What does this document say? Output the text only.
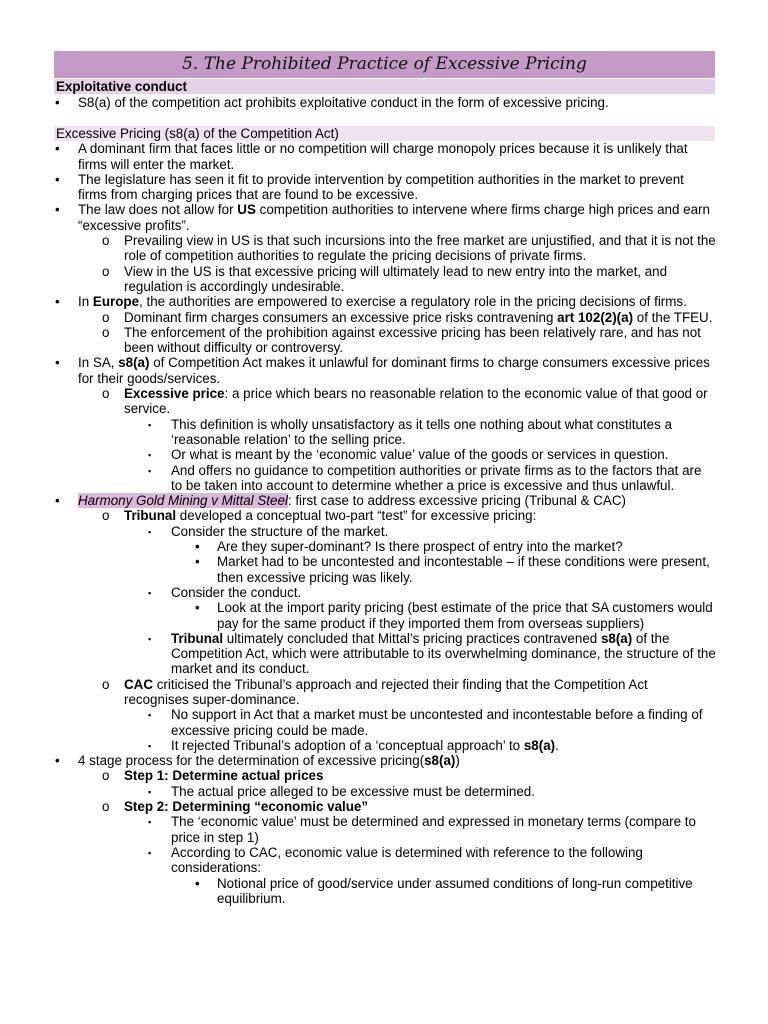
5. The Prohibited Practice of Excessive Pricing
Exploitative conduct
Excessive Pricing (s8(a) of the Competition Act)
• S8(a) of the competition act prohibits exploitative conduct in the form of excessive pricing.
• A dominant firm that faces little or no competition will charge monopoly prices because it is unlikely that firms will enter the market.
• The legislature has seen it fit to provide intervention by competition authorities in the market to prevent firms from charging prices that are found to be excessive.
• The law does not allow for US competition authorities to intervene where firms charge high prices and earn “excessive profits”.
o Prevailing view in US is that such incursions into the free market are unjustified, and that it is not the role of competition authorities to regulate the pricing decisions of private firms.
o View in the US is that excessive pricing will ultimately lead to new entry into the market, and regulation is accordingly undesirable.
• In Europe, the authorities are empowered to exercise a regulatory role in the pricing decisions of firms.
o Dominant firm charges consumers an excessive price risks contravening art 102(2)(a) of the TFEU.
o The enforcement of the prohibition against excessive pricing has been relatively rare, and has not been without difficulty or controversy.
• In SA, s8(a) of Competition Act makes it unlawful for dominant firms to charge consumers excessive prices for their goods/services.
o Excessive price: a price which bears no reasonable relation to the economic value of that good or service.
▪ This definition is wholly unsatisfactory as it tells one nothing about what constitutes a ‘reasonable relation’ to the selling price.
▪ Or what is meant by the ‘economic value’ value of the goods or services in question.
▪ And offers no guidance to competition authorities or private firms as to the factors that are to be taken into account to determine whether a price is excessive and thus unlawful.
• Harmony Gold Mining v Mittal Steel: first case to address excessive pricing (Tribunal & CAC)
o Tribunal developed a conceptual two-part “test” for excessive pricing:
▪ Consider the structure of the market.
• Are they super-dominant? Is there prospect of entry into the market?
• Market had to be uncontested and incontestable – if these conditions were present, then excessive pricing was likely.
▪ Consider the conduct.
• Look at the import parity pricing (best estimate of the price that SA customers would pay for the same product if they imported them from overseas suppliers)
▪ Tribunal ultimately concluded that Mittal’s pricing practices contravened s8(a) of the Competition Act, which were attributable to its overwhelming dominance, the structure of the market and its conduct.
o CAC criticised the Tribunal’s approach and rejected their finding that the Competition Act recognises super-dominance.
▪ No support in Act that a market must be uncontested and incontestable before a finding of excessive pricing could be made.
▪ It rejected Tribunal’s adoption of a ‘conceptual approach’ to s8(a).
• 4 stage process for the determination of excessive pricing(s8(a))
o Step 1: Determine actual prices
▪ The actual price alleged to be excessive must be determined.
o Step 2: Determining “economic value”
▪ The ‘economic value’ must be determined and expressed in monetary terms (compare to price in step 1)
▪ According to CAC, economic value is determined with reference to the following considerations:
• Notional price of good/service under assumed conditions of long-run competitive equilibrium.
